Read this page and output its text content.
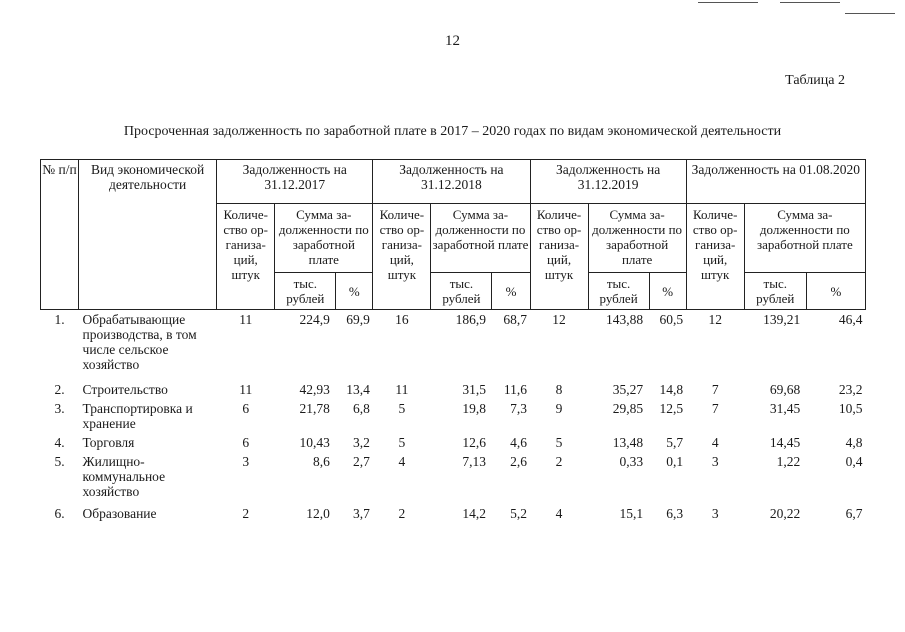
12
Таблица 2
Просроченная задолженность по заработной плате в 2017 – 2020 годах по видам экономической деятельности
№ п/п	Вид экономической деятельности	Задолженность на 31.12.2017			Задолженность на 31.12.2018			Задолженность на 31.12.2019			Задолженность на 01.08.2020		
		Количе-ство ор-ганиза-ций, штук	Сумма за-долженности по заработной плате		Количе-ство ор-ганиза-ций, штук	Сумма за-долженности по заработной плате		Количе-ство ор-ганиза-ций, штук	Сумма за-долженности по заработной плате		Количе-ство ор-ганиза-ций, штук	Сумма за-долженности по заработной плате	
			тыс. рублей	%		тыс. рублей	%		тыс. рублей	%		тыс. рублей	%
1.	Обрабатывающие производства, в том числе сельское хозяйство	11	224,9	69,9	16	186,9	68,7	12	143,88	60,5	12	139,21	46,4
2.	Строительство	11	42,93	13,4	11	31,5	11,6	8	35,27	14,8	7	69,68	23,2
3.	Транспортировка и хранение	6	21,78	6,8	5	19,8	7,3	9	29,85	12,5	7	31,45	10,5
4.	Торговля	6	10,43	3,2	5	12,6	4,6	5	13,48	5,7	4	14,45	4,8
5.	Жилищно-коммунальное хозяйство	3	8,6	2,7	4	7,13	2,6	2	0,33	0,1	3	1,22	0,4
6.	Образование	2	12,0	3,7	2	14,2	5,2	4	15,1	6,3	3	20,22	6,7
